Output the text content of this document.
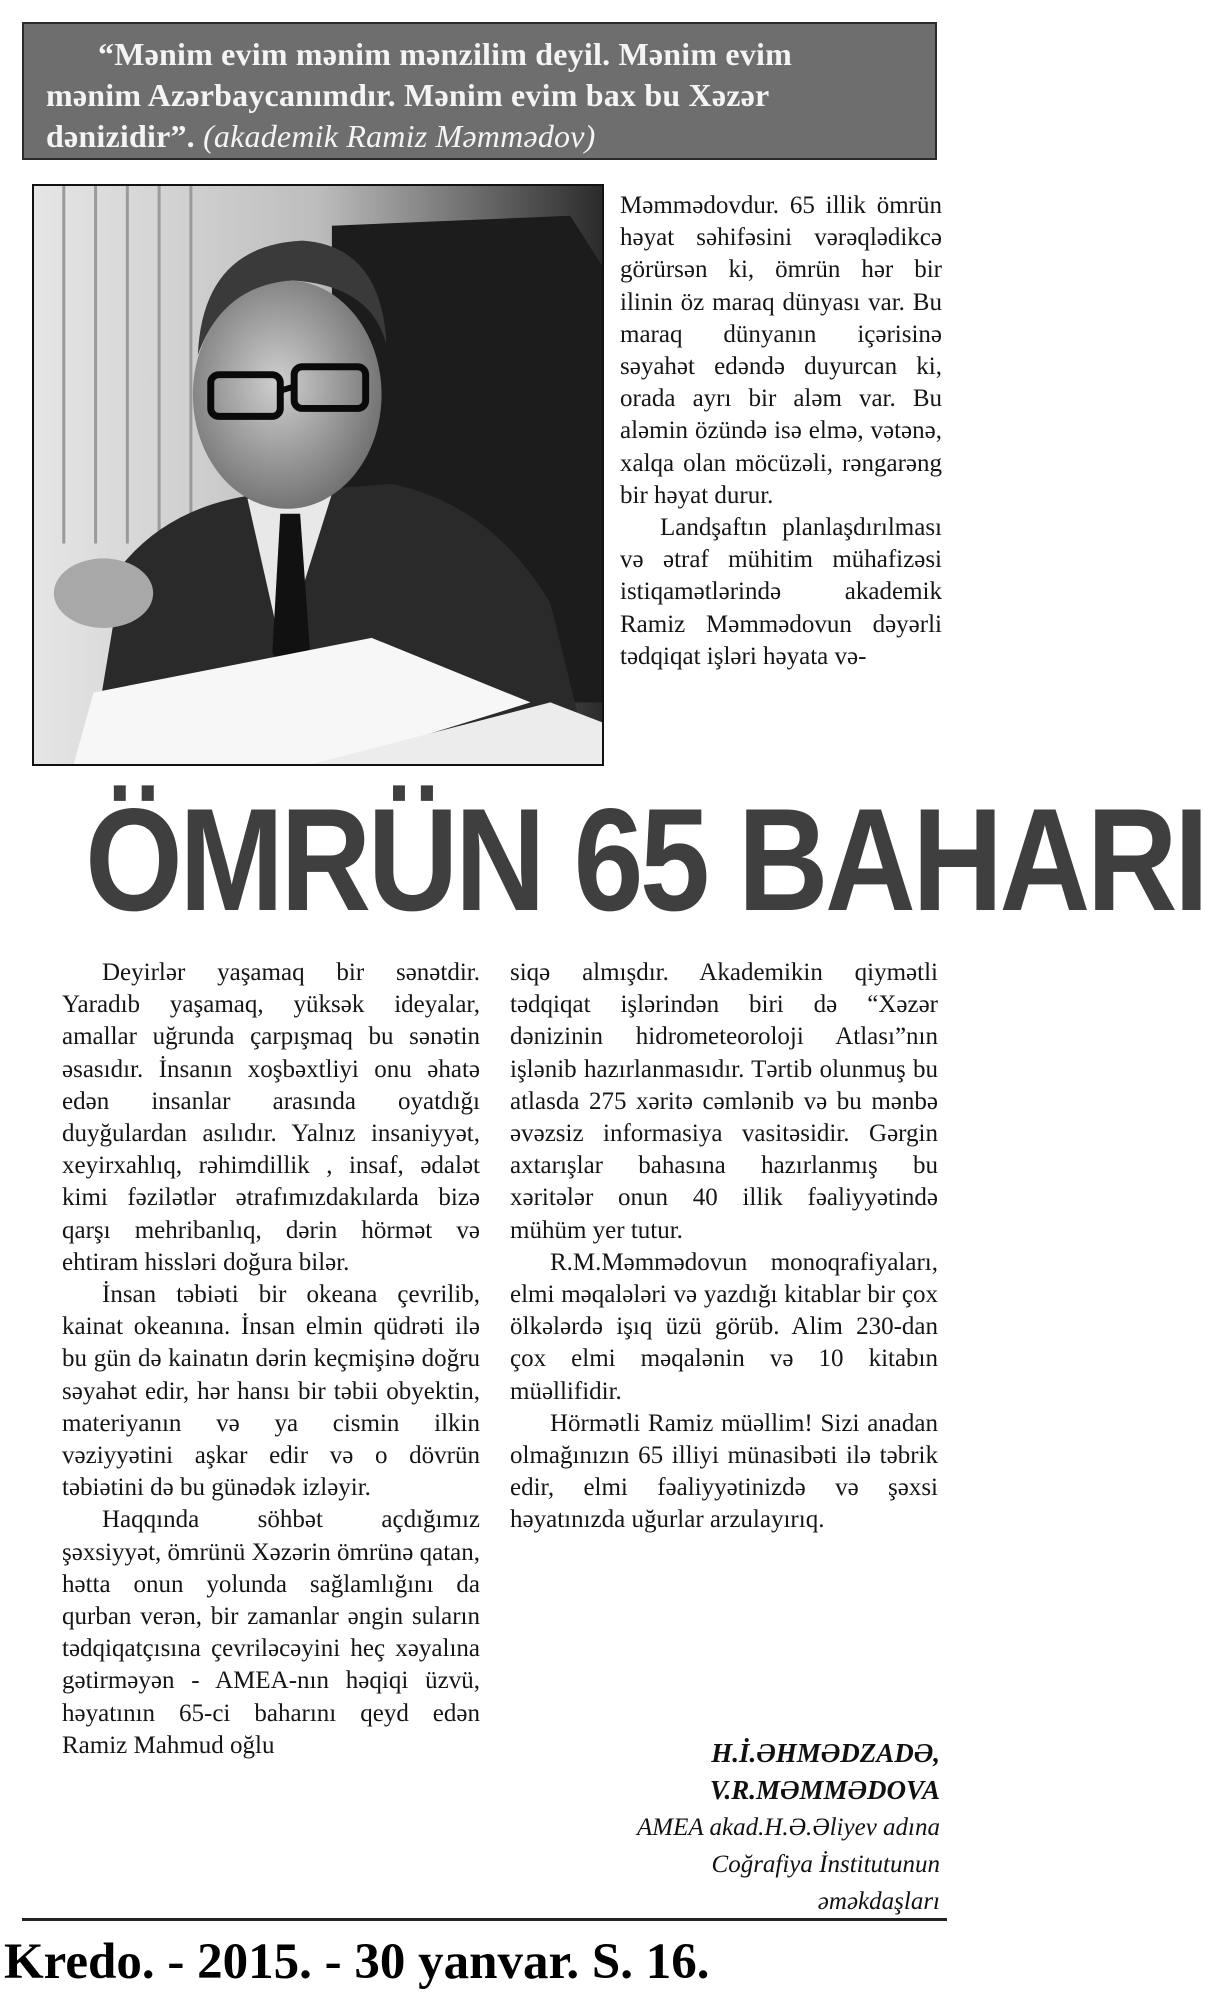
“Mənim evim mənim mənzilim deyil. Mənim evim
mənim Azərbaycanımdır. Mənim evim bax bu Xəzər
dənizidir”. (akademik Ramiz Məmmədov)

Məmmədovdur. 65 illik ömrün həyat səhifəsini vərəqlədikcə görürsən ki, ömrün hər bir ilinin öz maraq dünyası var. Bu maraq dünyanın içərisinə səyahət edəndə duyurcan ki, orada ayrı bir aləm var. Bu aləmin özündə isə elmə, vətənə, xalqa olan möcüzəli, rəngarəng bir həyat durur.

Landşaftın planlaşdırılması və ətraf mühitim mühafizəsi istiqamətlərində akademik Ramiz Məmmədovun dəyərli tədqiqat işləri həyata və-

ÖMRÜN 65 BAHARI

Deyirlər yaşamaq bir sənətdir. Yaradıb yaşamaq, yüksək ideyalar, amallar uğrunda çarpışmaq bu sənətin əsasıdır. İnsanın xoşbəxtliyi onu əhatə edən insanlar arasında oyatdığı duyğulardan asılıdır. Yalnız insaniyyət, xeyirxahlıq, rəhimdillik , insaf, ədalət kimi fəzilətlər ətrafımızdakılarda bizə qarşı mehribanlıq, dərin hörmət və ehtiram hissləri doğura bilər.

İnsan təbiəti bir okeana çevrilib, kainat okeanına. İnsan elmin qüdrəti ilə bu gün də kainatın dərin keçmişinə doğru səyahət edir, hər hansı bir təbii obyektin, materiyanın və ya cismin ilkin vəziyyətini aşkar edir və o dövrün təbiətini də bu günədək izləyir.

Haqqında söhbət açdığımız şəxsiyyət, ömrünü Xəzərin ömrünə qatan, hətta onun yolunda sağlamlığını da qurban verən, bir zamanlar əngin suların tədqiqatçısına çevriləcəyini heç xəyalına gətirməyən - AMEA-nın həqiqi üzvü, həyatının 65-ci baharını qeyd edən Ramiz Mahmud oğlu

siqə almışdır. Akademikin qiymətli tədqiqat işlərindən biri də “Xəzər dənizinin hidrometeoroloji Atlası”nın işlənib hazırlanmasıdır. Tərtib olunmuş bu atlasda 275 xəritə cəmlənib və bu mənbə əvəzsiz informasiya vasitəsidir. Gərgin axtarışlar bahasına hazırlanmış bu xəritələr onun 40 illik fəaliyyətində mühüm yer tutur.

R.M.Məmmədovun monoqrafiyaları, elmi məqalələri və yazdığı kitablar bir çox ölkələrdə işıq üzü görüb. Alim 230-dan çox elmi məqalənin və 10 kitabın müəllifidir.

Hörmətli Ramiz müəllim! Sizi anadan olmağınızın 65 illiyi münasibəti ilə təbrik edir, elmi fəaliyyətinizdə və şəxsi həyatınızda uğurlar arzulayırıq.

H.İ.ƏHMƏDZADƏ,
V.R.MƏMMƏDOVA
AMEA akad.H.Ə.Əliyev adına
Coğrafiya İnstitutunun
əməkdaşları
Kredo. - 2015. - 30 yanvar. S. 16.
